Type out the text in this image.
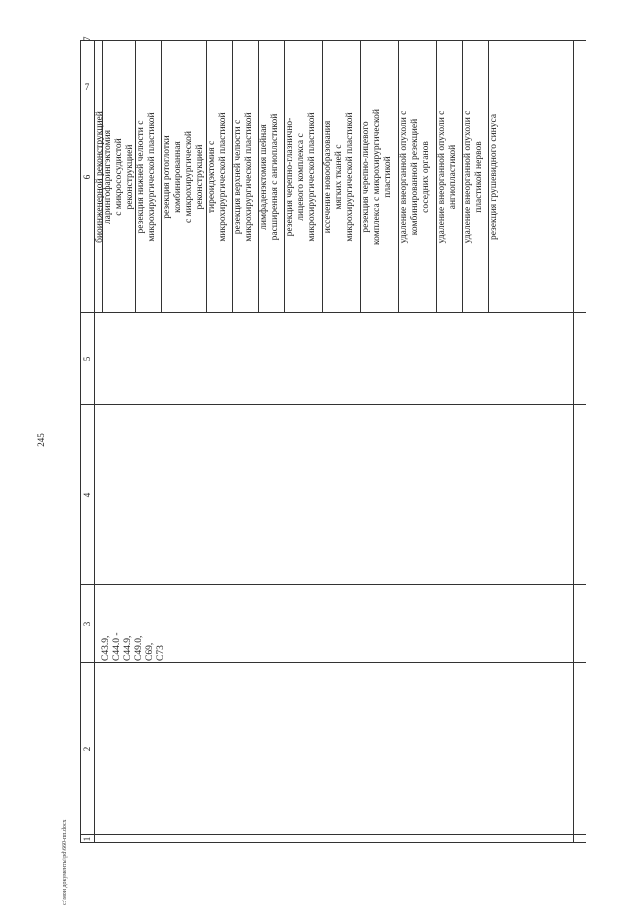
245
c:\мои документы\pd\660-пп.docx 1
2
3
4
5
6
7
C43.9, C44.0 - C44.9, C49.0, C69, C73
биоинженерной реконструкцией
ларингофарингэктомия с микрососудистой реконструкцией резекция нижней челюсти с микрохирургической пластикой резекция ротоглотки комбинированная с микрохирургической реконструкцией тиреоидэктомия с микрохирургической пластикой резекция верхней челюсти с микрохирургической пластикой лимфаденэктомия шейная расширенная с ангиопластикой резекция черепно-глазнично- лицевого комплекса с микрохирургической пластикой иссечение новообразования мягких тканей с микрохирургической пластикой резекция черепно-лицевого комплекса с микрохирургической пластикой удаление внеорганной опухоли с комбинированной резекцией соседних органов удаление внеорганной опухоли с ангиопластикой удаление внеорганной опухоли с пластикой нервов резекция грушевидного синуса
7
